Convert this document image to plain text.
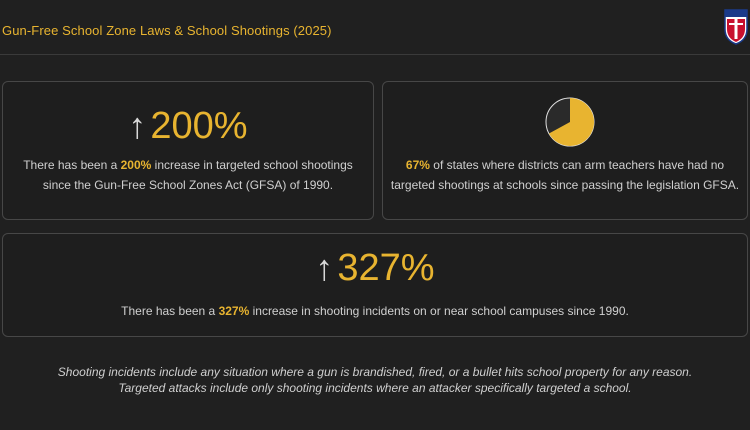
Gun-Free School Zone Laws & School Shootings (2025)
↑ 200%
There has been a 200% increase in targeted school shootings
since the Gun-Free School Zones Act (GFSA) of 1990.
67% of states where districts can arm teachers have had no
targeted shootings at schools since passing the legislation GFSA.
↑ 327%
There has been a 327% increase in shooting incidents on or near school campuses since 1990.
Shooting incidents include any situation where a gun is brandished, fired, or a bullet hits school property for any reason.
Targeted attacks include only shooting incidents where an attacker specifically targeted a school.
